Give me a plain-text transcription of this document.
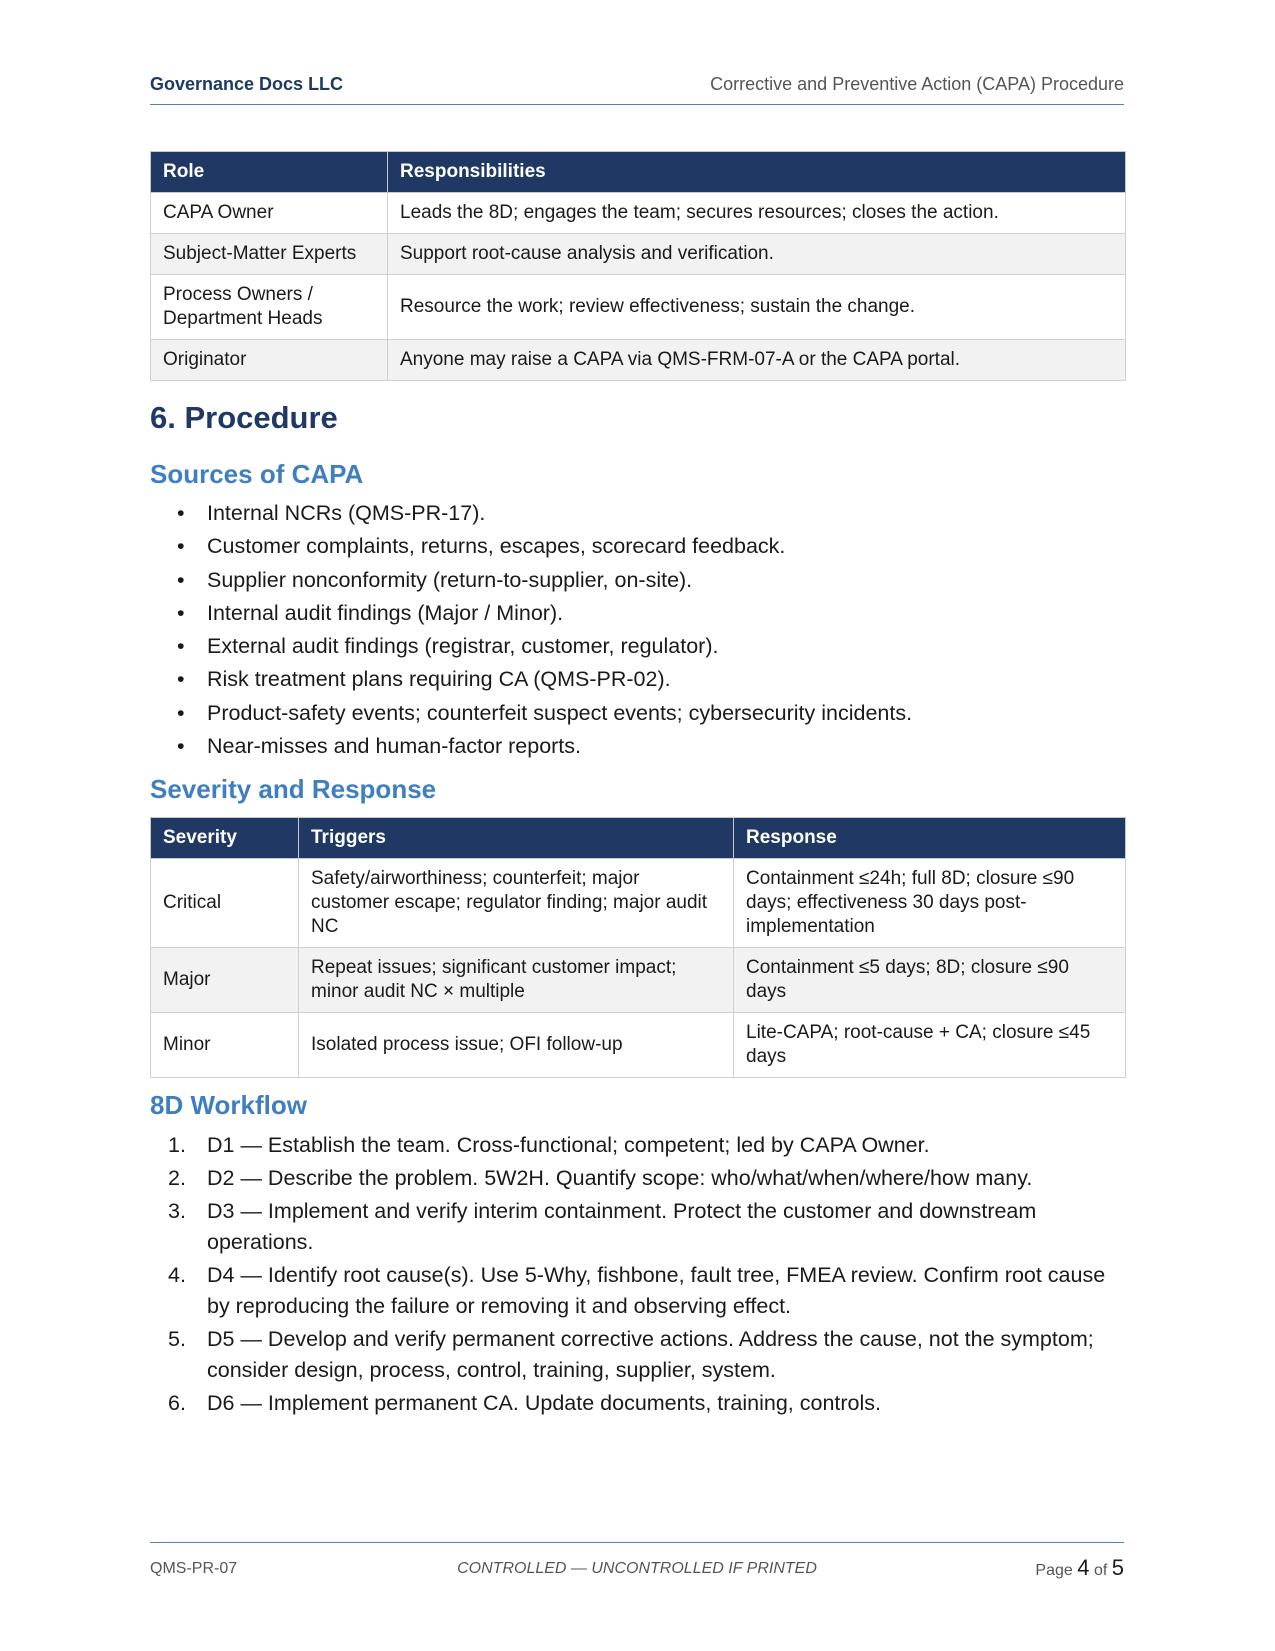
Governance Docs LLC	Corrective and Preventive Action (CAPA) Procedure
Role	Responsibilities
CAPA Owner	Leads the 8D; engages the team; secures resources; closes the action.
Subject-Matter Experts	Support root-cause analysis and verification.
Process Owners / Department Heads	Resource the work; review effectiveness; sustain the change.
Originator	Anyone may raise a CAPA via QMS-FRM-07-A or the CAPA portal.
6. Procedure
Sources of CAPA
• Internal NCRs (QMS-PR-17).
• Customer complaints, returns, escapes, scorecard feedback.
• Supplier nonconformity (return-to-supplier, on-site).
• Internal audit findings (Major / Minor).
• External audit findings (registrar, customer, regulator).
• Risk treatment plans requiring CA (QMS-PR-02).
• Product-safety events; counterfeit suspect events; cybersecurity incidents.
• Near-misses and human-factor reports.
Severity and Response
Severity	Triggers	Response
Critical	Safety/airworthiness; counterfeit; major customer escape; regulator finding; major audit NC	Containment ≤24h; full 8D; closure ≤90 days; effectiveness 30 days post-implementation
Major	Repeat issues; significant customer impact; minor audit NC × multiple	Containment ≤5 days; 8D; closure ≤90 days
Minor	Isolated process issue; OFI follow-up	Lite-CAPA; root-cause + CA; closure ≤45 days
8D Workflow
1. D1 — Establish the team. Cross-functional; competent; led by CAPA Owner.
2. D2 — Describe the problem. 5W2H. Quantify scope: who/what/when/where/how many.
3. D3 — Implement and verify interim containment. Protect the customer and downstream operations.
4. D4 — Identify root cause(s). Use 5-Why, fishbone, fault tree, FMEA review. Confirm root cause by reproducing the failure or removing it and observing effect.
5. D5 — Develop and verify permanent corrective actions. Address the cause, not the symptom; consider design, process, control, training, supplier, system.
6. D6 — Implement permanent CA. Update documents, training, controls.
QMS-PR-07	CONTROLLED — UNCONTROLLED IF PRINTED	Page 4 of 5
